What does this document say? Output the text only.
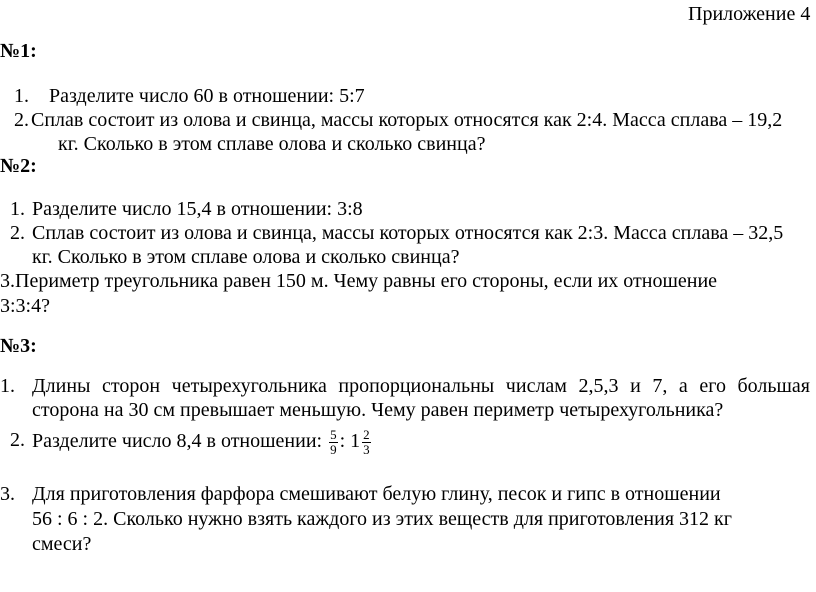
Приложение 4
№1:
1. Разделите число 60 в отношении: 5:7
2. Сплав состоит из олова и свинца, массы которых относятся как 2:4. Масса сплава – 19,2
кг. Сколько в этом сплаве олова и сколько свинца?
№2:
1. Разделите число 15,4 в отношении: 3:8
2. Сплав состоит из олова и свинца, массы которых относятся как 2:3. Масса сплава – 32,5
кг. Сколько в этом сплаве олова и сколько свинца?
3.Периметр треугольника равен 150 м. Чему равны его стороны, если их отношение
3:3:4?
№3:
1. Длины сторон четырехугольника пропорциональны числам 2,5,3 и 7, а его большая
сторона на 30 см превышает меньшую. Чему равен периметр четырехугольника?
2. Разделите число 8,4 в отношении: $\frac{5}{9}$ : $1 \frac{2}{3}$
3. Для приготовления фарфора смешивают белую глину, песок и гипс в отношении
56 : 6 : 2. Сколько нужно взять каждого из этих веществ для приготовления 312 кг
смеси?
